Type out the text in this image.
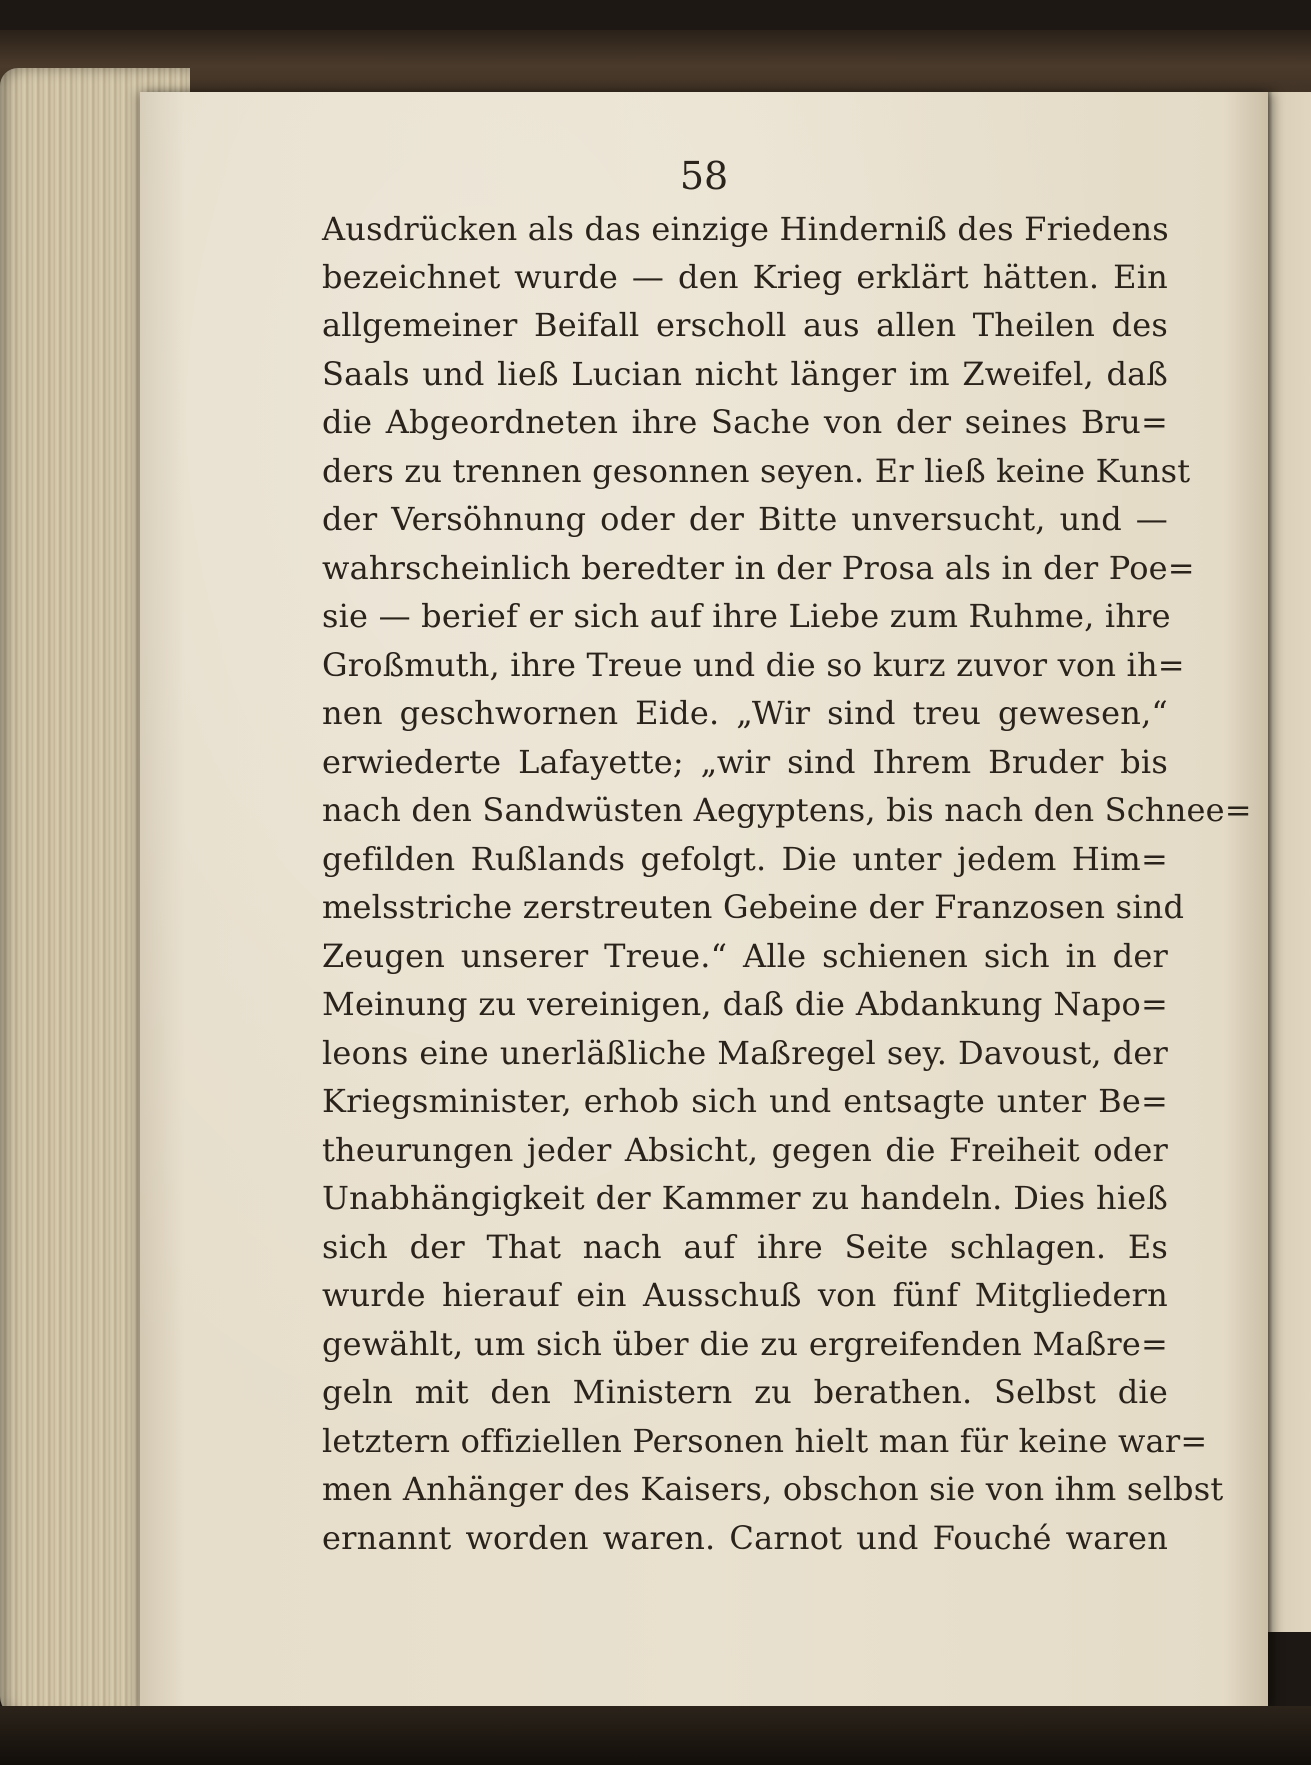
58
Ausdrücken als das einzige Hinderniß des Friedens
bezeichnet wurde — den Krieg erklärt hätten. Ein
allgemeiner Beifall erscholl aus allen Theilen des
Saals und ließ Lucian nicht länger im Zweifel, daß
die Abgeordneten ihre Sache von der seines Bru=
ders zu trennen gesonnen seyen. Er ließ keine Kunst
der Versöhnung oder der Bitte unversucht, und —
wahrscheinlich beredter in der Prosa als in der Poe=
sie — berief er sich auf ihre Liebe zum Ruhme, ihre
Großmuth, ihre Treue und die so kurz zuvor von ih=
nen geschwornen Eide. „Wir sind treu gewesen,“
erwiederte Lafayette; „wir sind Ihrem Bruder bis
nach den Sandwüsten Aegyptens, bis nach den Schnee=
gefilden Rußlands gefolgt. Die unter jedem Him=
melsstriche zerstreuten Gebeine der Franzosen sind
Zeugen unserer Treue.“ Alle schienen sich in der
Meinung zu vereinigen, daß die Abdankung Napo=
leons eine unerläßliche Maßregel sey. Davoust, der
Kriegsminister, erhob sich und entsagte unter Be=
theurungen jeder Absicht, gegen die Freiheit oder
Unabhängigkeit der Kammer zu handeln. Dies hieß
sich der That nach auf ihre Seite schlagen. Es
wurde hierauf ein Ausschuß von fünf Mitgliedern
gewählt, um sich über die zu ergreifenden Maßre=
geln mit den Ministern zu berathen. Selbst die
letztern offiziellen Personen hielt man für keine war=
men Anhänger des Kaisers, obschon sie von ihm selbst
ernannt worden waren. Carnot und Fouché waren
